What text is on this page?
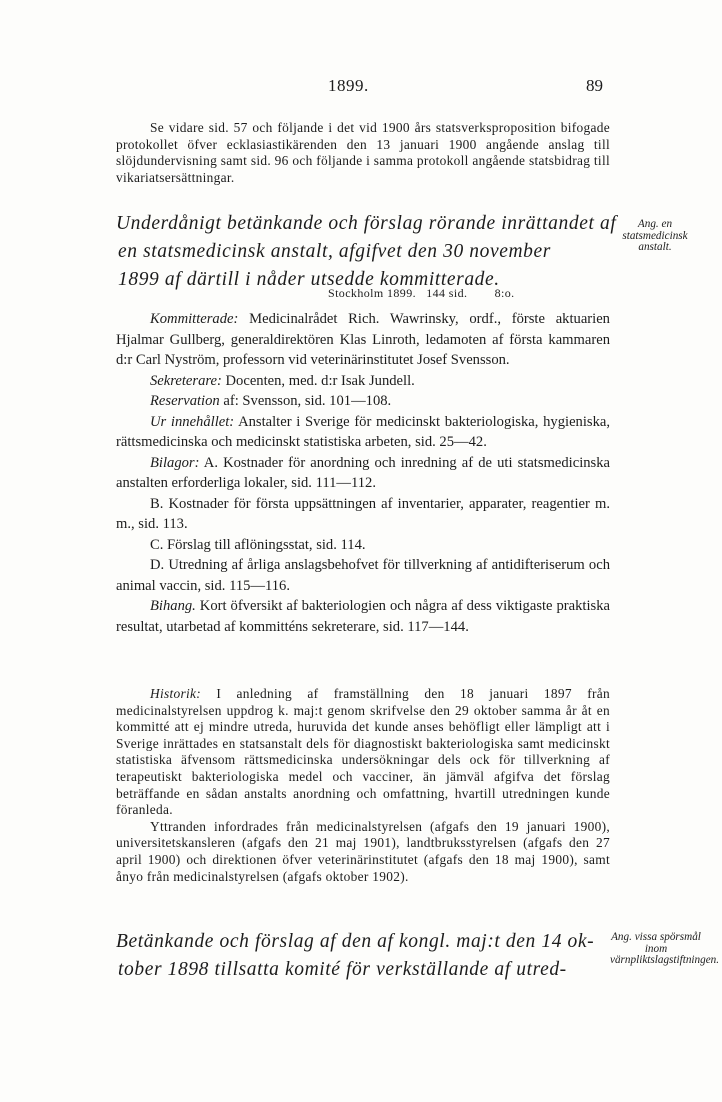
1899.	89

Se vidare sid. 57 och följande i det vid 1900 års statsverksproposition bifogade protokollet öfver ecklasiastikärenden den 13 januari 1900 angående anslag till slöjdundervisning samt sid. 96 och följande i samma protokoll angående statsbidrag till vikariatsersättningar.

Underdånigt betänkande och förslag rörande inrättandet af
en statsmedicinsk anstalt, afgifvet den 30 november
1899 af därtill i nåder utsedde kommitterade.
Ang. en statsmedicinsk anstalt.
Stockholm 1899.   144 sid.        8:o.

Kommitterade: Medicinalrådet Rich. Wawrinsky, ordf., förste aktuarien Hjalmar Gullberg, generaldirektören Klas Linroth, ledamoten af första kammaren d:r Carl Nyström, professorn vid veterinärinstitutet Josef Svensson.

Sekreterare: Docenten, med. d:r Isak Jundell.

Reservation af: Svensson, sid. 101—108.

Ur innehållet: Anstalter i Sverige för medicinskt bakteriologiska, hygieniska, rättsmedicinska och medicinskt statistiska arbeten, sid. 25—42.

Bilagor: A. Kostnader för anordning och inredning af de uti statsmedicinska anstalten erforderliga lokaler, sid. 111—112.

B. Kostnader för första uppsättningen af inventarier, apparater, reagentier m. m., sid. 113.

C. Förslag till aflöningsstat, sid. 114.

D. Utredning af årliga anslagsbehofvet för tillverkning af antidifteriserum och animal vaccin, sid. 115—116.

Bihang. Kort öfversikt af bakteriologien och några af dess viktigaste praktiska resultat, utarbetad af kommitténs sekreterare, sid. 117—144.

Historik: I anledning af framställning den 18 januari 1897 från medicinalstyrelsen uppdrog k. maj:t genom skrifvelse den 29 oktober samma år åt en kommitté att ej mindre utreda, huruvida det kunde anses behöfligt eller lämpligt att i Sverige inrättades en statsanstalt dels för diagnostiskt bakteriologiska samt medicinskt statistiska äfvensom rättsmedicinska undersökningar dels ock för tillverkning af terapeutiskt bakteriologiska medel och vacciner, än jämväl afgifva det förslag beträffande en sådan anstalts anordning och omfattning, hvartill utredningen kunde föranleda.

Yttranden infordrades från medicinalstyrelsen (afgafs den 19 januari 1900), universitetskansleren (afgafs den 21 maj 1901), landtbruksstyrelsen (afgafs den 27 april 1900) och direktionen öfver veterinärinstitutet (afgafs den 18 maj 1900), samt ånyo från medicinalstyrelsen (afgafs oktober 1902).

Betänkande och förslag af den af kongl. maj:t den 14 ok-
tober 1898 tillsatta komité för verkställande af utred-
Ang. vissa spörsmål inom värnpliktslagstiftningen.
